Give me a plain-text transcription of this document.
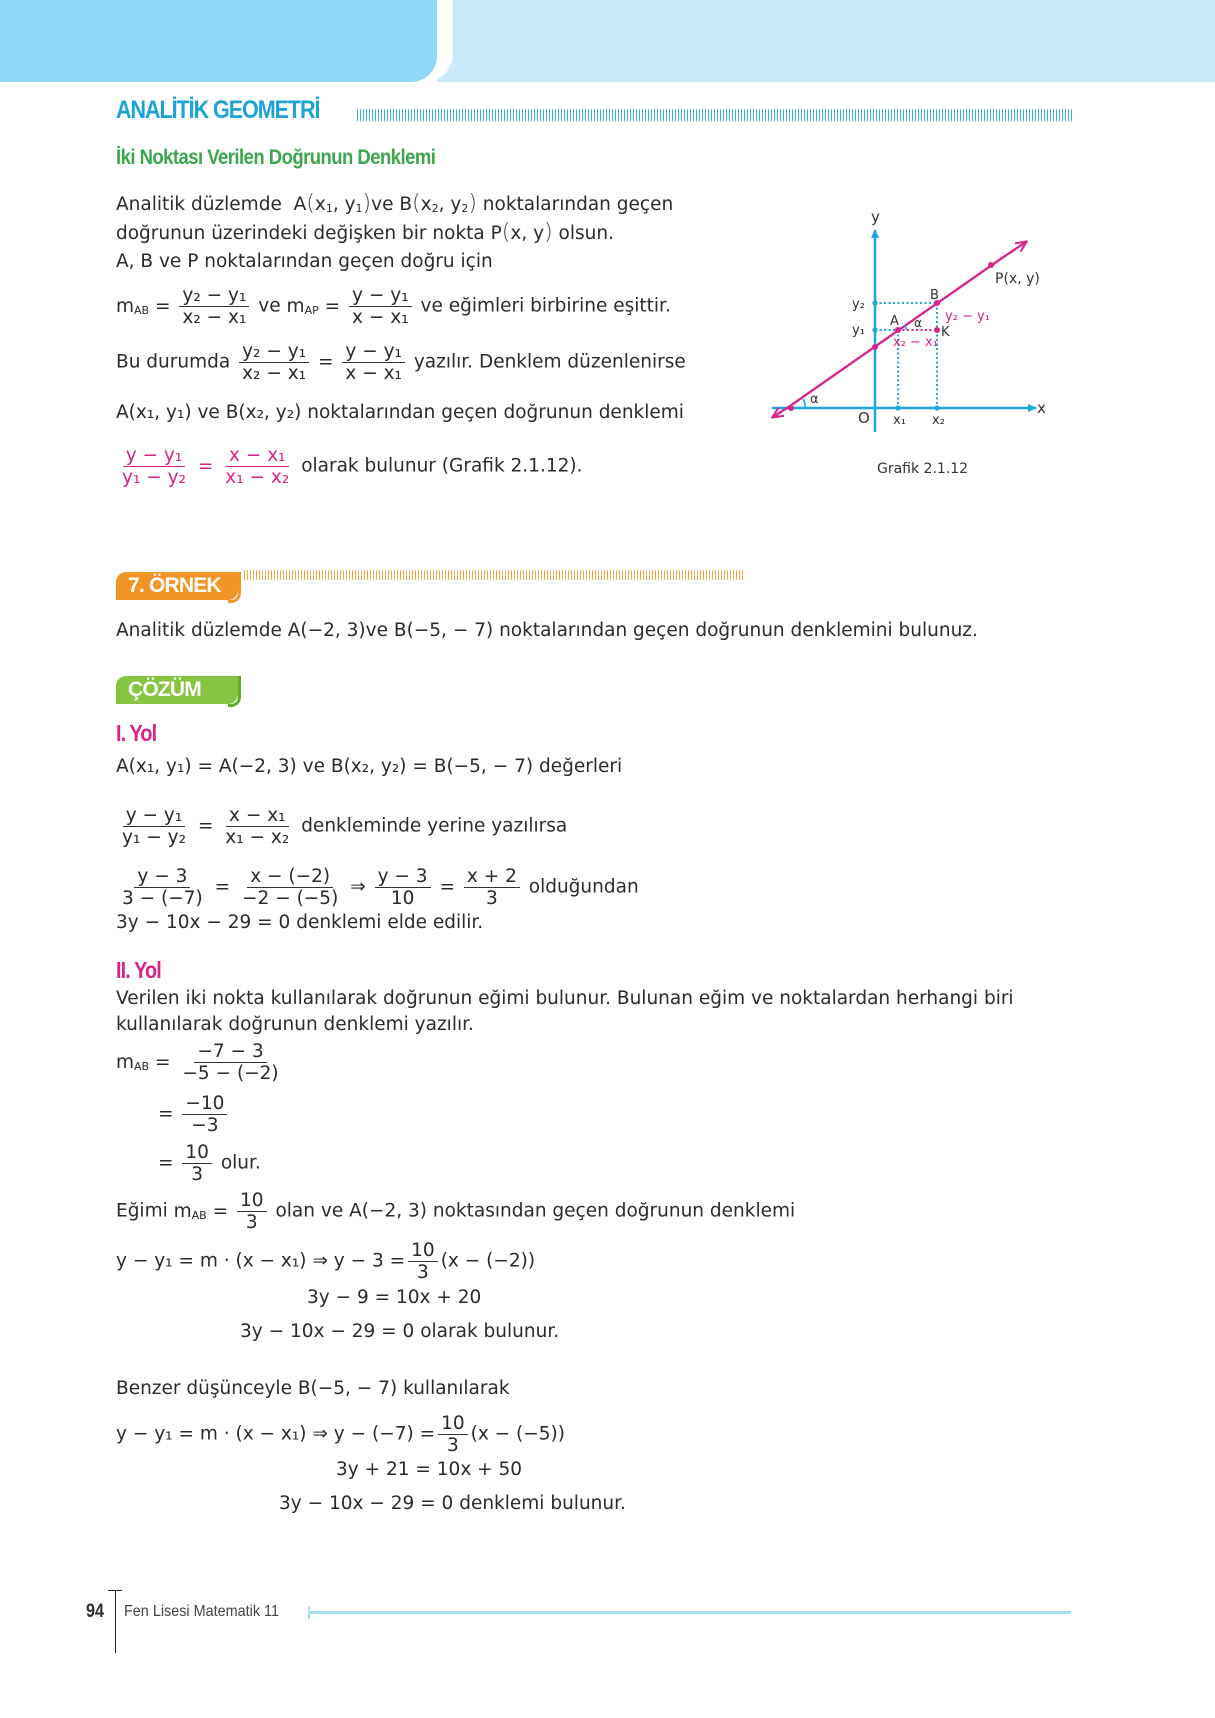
ANALİTİK GEOMETRİ
İki Noktası Verilen Doğrunun Denklemi
Analitik düzlemde  $A(x_1$, $y_1)ve$ $B(x_2$, $y_2$) noktalarından geçen
doğrunun üzerindeki değişken bir nokta P(x, y) olsun.
A, B ve P noktalarından geçen doğru için
$m_{AB} = \frac{\text{y₂ − y₁}}{\text{x₂ − x₁}}$ ve $m_{AP} = \frac{\text{y − y₁}}{\text{x − x₁}}$ ve eğimleri birbirine eşittir.
Bu durumda $\frac{\text{y₂ − y₁}}{\text{x₂ − x₁}} = \frac{\text{y − y₁}}{\text{x − x₁}}$ yazılır. Denklem düzenlenirse
A(x₁, y₁) ve B(x₂, y₂) noktalarından geçen doğrunun denklemi
$\frac{\text{y − y₁}}{\text{y₁ − y₂}} = \frac{\text{x − x₁}}{\text{x₁ − x₂}}$ olarak bulunur (Grafik 2.1.12).
y
x
O x₁ x₂
y₂
y₁
A
B
K
P(x, y)
α
α y₂ − y₁
x₂ − x₁
Grafik 2.1.12
7. ÖRNEK
Analitik düzlemde A(−2, 3)ve B(−5, − 7) noktalarından geçen doğrunun denklemini bulunuz.
ÇÖZÜM
I. Yol
A(x₁, y₁) = A(−2, 3) ve B(x₂, y₂) = B(−5, − 7) değerleri
$\frac{\text{y − y₁}}{\text{y₁ − y₂}} = \frac{\text{x − x₁}}{\text{x₁ − x₂}}$ denkleminde yerine yazılırsa
$\frac{y - 3}{3 - (-7)} = \frac{x - (-2)}{-2 - (-5)}$ ⇒ $\frac{y - 3}{10} = \frac{x + 2}{3}$ olduğundan
3y − 10x − 29 = 0 denklemi elde edilir.
II. Yol
Verilen iki nokta kullanılarak doğrunun eğimi bulunur. Bulunan eğim ve noktalardan herhangi biri
kullanılarak doğrunun denklemi yazılır.
$m_{AB} = \frac{-7 - 3}{-5 - (-2)}$
= $\frac{-10}{-3}$
= $\frac{10}{3}$ olur.
Eğimi $m_{AB} = \frac{10}{3}$ olan ve A(−2, 3) noktasından geçen doğrunun denklemi
y − y₁ = m · (x − x₁) ⇒ $y - 3 = \frac{10}{3} (x - (-2))$
3y − 9 = 10x + 20
3y − 10x − 29 = 0 olarak bulunur.
Benzer düşünceyle B(−5, − 7) kullanılarak
y − y₁ = m · (x − x₁) ⇒ $y - (-7) = \frac{10}{3} (x - (-5))$
3y + 21 = 10x + 50
3y − 10x − 29 = 0 denklemi bulunur.
94 Fen Lisesi Matematik 11
